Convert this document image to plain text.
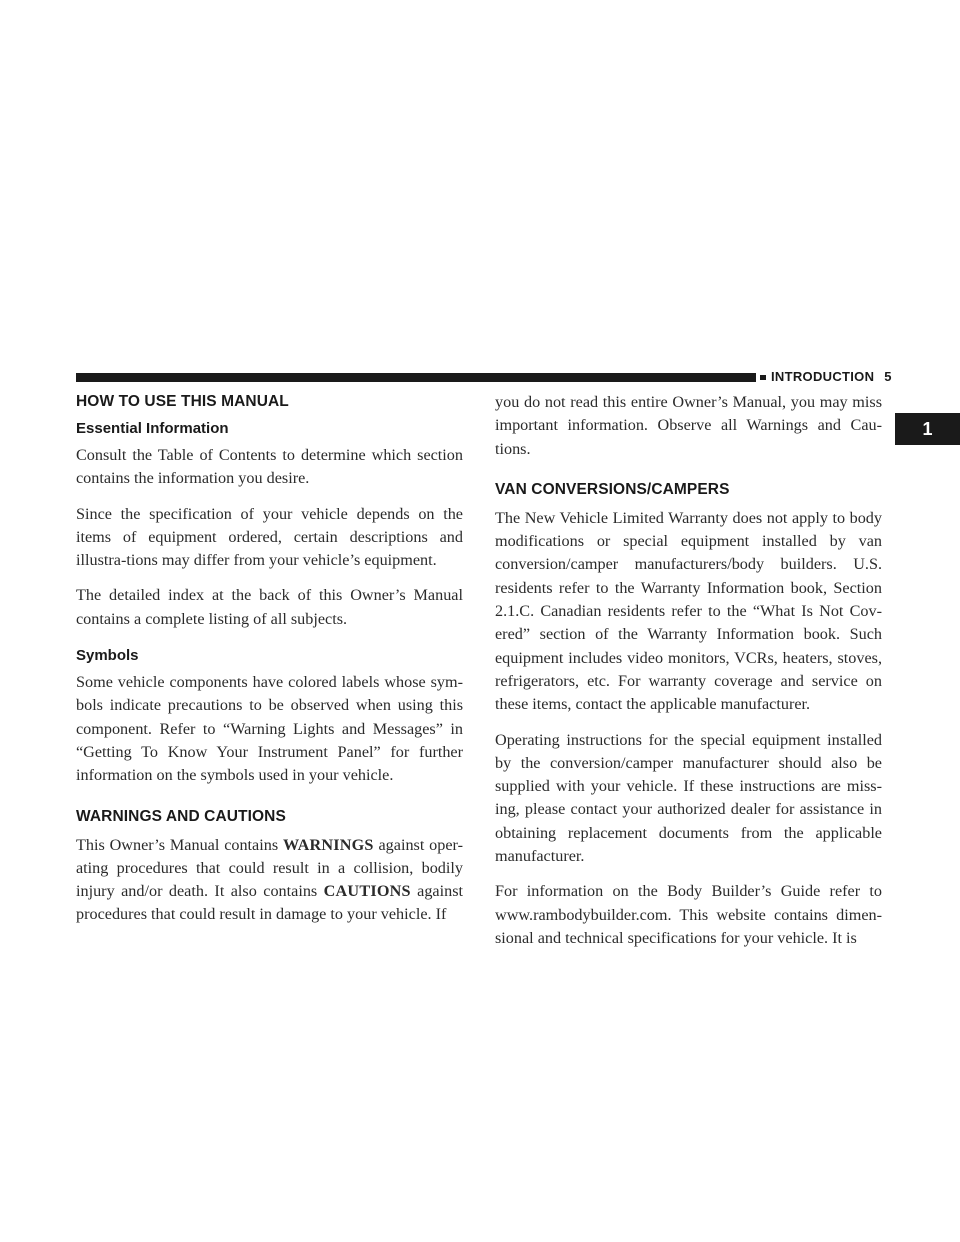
INTRODUCTION 5
1
HOW TO USE THIS MANUAL
Essential Information

Consult the Table of Contents to determine which section contains the information you desire.

Since the specification of your vehicle depends on the items of equipment ordered, certain descriptions and illustra-tions may differ from your vehicle’s equipment.

The detailed index at the back of this Owner’s Manual contains a complete listing of all subjects.

Symbols

Some vehicle components have colored labels whose sym-bols indicate precautions to be observed when using this component. Refer to “Warning Lights and Messages” in “Getting To Know Your Instrument Panel” for further information on the symbols used in your vehicle.

WARNINGS AND CAUTIONS

This Owner’s Manual contains WARNINGS against oper-ating procedures that could result in a collision, bodily injury and/or death. It also contains CAUTIONS against procedures that could result in damage to your vehicle. If

you do not read this entire Owner’s Manual, you may miss important information. Observe all Warnings and Cau-tions.

VAN CONVERSIONS/CAMPERS

The New Vehicle Limited Warranty does not apply to body modifications or special equipment installed by van conversion/camper manufacturers/body builders. U.S. residents refer to the Warranty Information book, Section 2.1.C. Canadian residents refer to the “What Is Not Cov-ered” section of the Warranty Information book. Such equipment includes video monitors, VCRs, heaters, stoves, refrigerators, etc. For warranty coverage and service on these items, contact the applicable manufacturer.

Operating instructions for the special equipment installed by the conversion/camper manufacturer should also be supplied with your vehicle. If these instructions are miss-ing, please contact your authorized dealer for assistance in obtaining replacement documents from the applicable manufacturer.

For information on the Body Builder’s Guide refer to www.rambodybuilder.com. This website contains dimen-sional and technical specifications for your vehicle. It is
